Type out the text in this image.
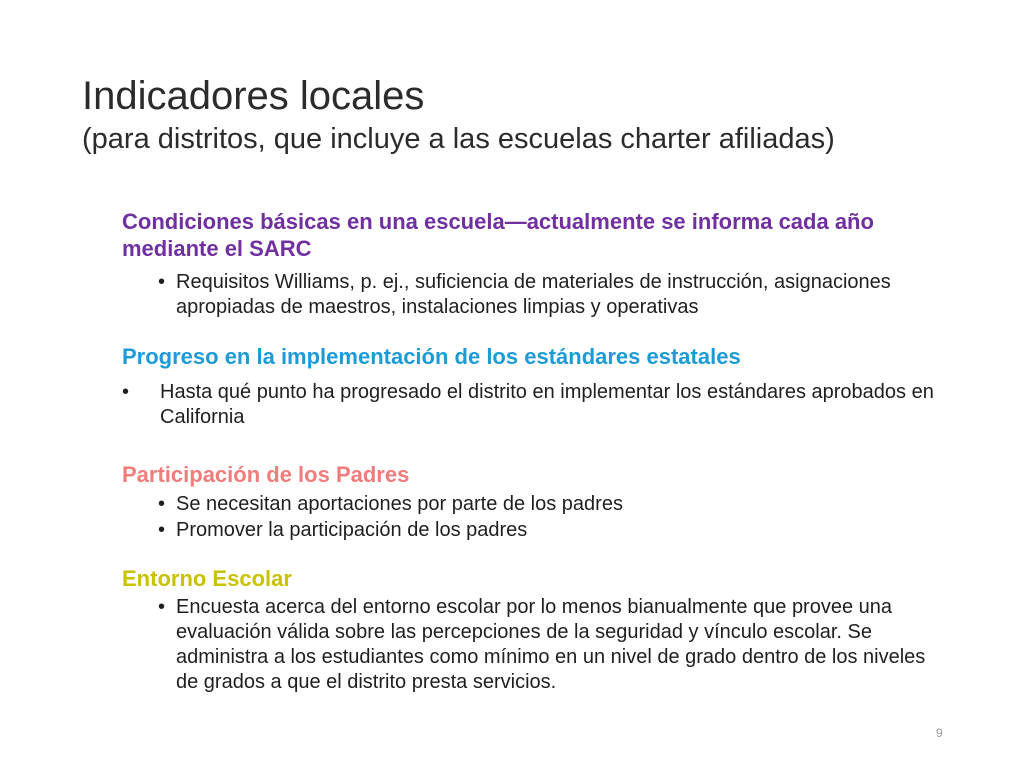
Indicadores locales
(para distritos, que incluye a las escuelas charter afiliadas)
Condiciones básicas en una escuela—actualmente se informa cada año mediante el SARC
• Requisitos Williams, p. ej., suficiencia de materiales de instrucción, asignaciones apropiadas de maestros, instalaciones limpias y operativas
Progreso en la implementación de los estándares estatales
•	Hasta qué punto ha progresado el distrito en implementar los estándares aprobados en California
Participación de los Padres
• Se necesitan aportaciones por parte de los padres
• Promover la participación de los padres
Entorno Escolar
• Encuesta acerca del entorno escolar por lo menos bianualmente que provee una evaluación válida sobre las percepciones de la seguridad y vínculo escolar. Se administra a los estudiantes como mínimo en un nivel de grado dentro de los niveles de grados a que el distrito presta servicios.
9
